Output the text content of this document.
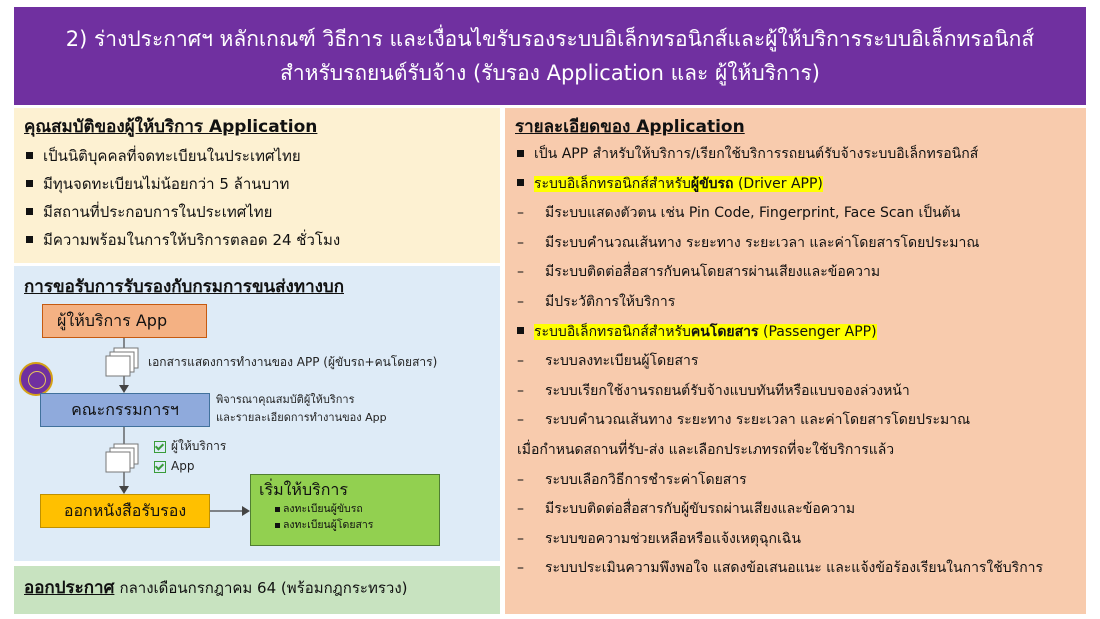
2) ร่างประกาศฯ หลักเกณฑ์ วิธีการ และเงื่อนไขรับรองระบบอิเล็กทรอนิกส์และผู้ให้บริการระบบอิเล็กทรอนิกส์
สำหรับรถยนต์รับจ้าง (รับรอง Application และ ผู้ให้บริการ)
คุณสมบัติของผู้ให้บริการ Application
เป็นนิติบุคคลที่จดทะเบียนในประเทศไทย
มีทุนจดทะเบียนไม่น้อยกว่า 5 ล้านบาท
มีสถานที่ประกอบการในประเทศไทย
มีความพร้อมในการให้บริการตลอด 24 ชั่วโมง
การขอรับการรับรองกับกรมการขนส่งทางบก
ผู้ให้บริการ App
เอกสารแสดงการทำงานของ APP (ผู้ขับรถ+คนโดยสาร)
คณะกรรมการฯ
พิจารณาคุณสมบัติผู้ให้บริการ
และรายละเอียดการทำงานของ App
ผู้ให้บริการ
App
ออกหนังสือรับรอง
เริ่มให้บริการ
ลงทะเบียนผู้ขับรถ
ลงทะเบียนผู้โดยสาร
ออกประกาศ กลางเดือนกรกฎาคม 64 (พร้อมกฎกระทรวง)
รายละเอียดของ Application
เป็น APP สำหรับให้บริการ/เรียกใช้บริการรถยนต์รับจ้างระบบอิเล็กทรอนิกส์
ระบบอิเล็กทรอนิกส์สำหรับผู้ขับรถ (Driver APP)
– มีระบบแสดงตัวตน เช่น Pin Code, Fingerprint, Face Scan เป็นต้น
– มีระบบคำนวณเส้นทาง ระยะทาง ระยะเวลา และค่าโดยสารโดยประมาณ
– มีระบบติดต่อสื่อสารกับคนโดยสารผ่านเสียงและข้อความ
– มีประวัติการให้บริการ
ระบบอิเล็กทรอนิกส์สำหรับคนโดยสาร (Passenger APP)
– ระบบลงทะเบียนผู้โดยสาร
– ระบบเรียกใช้งานรถยนต์รับจ้างแบบทันทีหรือแบบจองล่วงหน้า
– ระบบคำนวณเส้นทาง ระยะทาง ระยะเวลา และค่าโดยสารโดยประมาณ
เมื่อกำหนดสถานที่รับ-ส่ง และเลือกประเภทรถที่จะใช้บริการแล้ว
– ระบบเลือกวิธีการชำระค่าโดยสาร
– มีระบบติดต่อสื่อสารกับผู้ขับรถผ่านเสียงและข้อความ
– ระบบขอความช่วยเหลือหรือแจ้งเหตุฉุกเฉิน
– ระบบประเมินความพึงพอใจ แสดงข้อเสนอแนะ และแจ้งข้อร้องเรียนในการใช้บริการ
